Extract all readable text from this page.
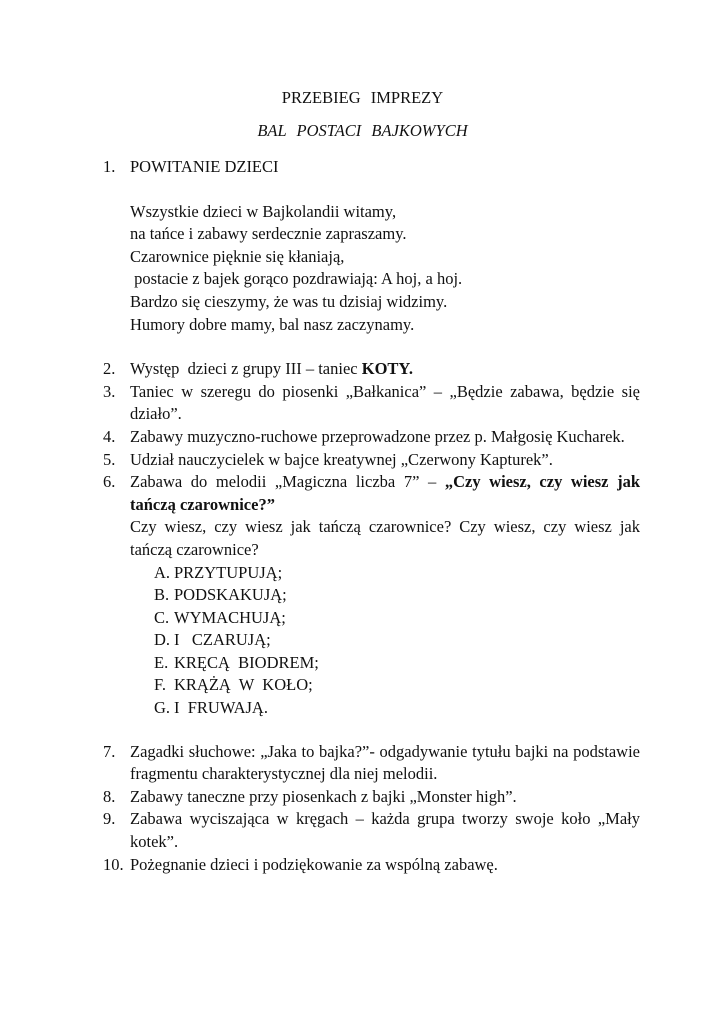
PRZEBIEG IMPREZY
BAL POSTACI BAJKOWYCH
1. POWITANIE DZIECI
Wszystkie dzieci w Bajkolandii witamy,
na tańce i zabawy serdecznie zapraszamy.
Czarownice pięknie się kłaniają,
postacie z bajek gorąco pozdrawiają: A hoj, a hoj.
Bardzo się cieszymy, że was tu dzisiaj widzimy.
Humory dobre mamy, bal nasz zaczynamy.
2. Występ  dzieci z grupy III – taniec KOTY.
3. Taniec w szeregu do piosenki „Bałkanica” – „Będzie zabawa, będzie się działo”.
4. Zabawy muzyczno-ruchowe przeprowadzone przez p. Małgosię Kucharek.
5. Udział nauczycielek w bajce kreatywnej „Czerwony Kapturek”.
6. Zabawa do melodii „Magiczna liczba 7” – „Czy wiesz, czy wiesz jak tańczą czarownice?”
Czy wiesz, czy wiesz jak tańczą czarownice? Czy wiesz, czy wiesz jak tańczą czarownice?
A. PRZYTUPUJĄ;
B. PODSKAKUJĄ;
C. WYMACHUJĄ;
D. I   CZARUJĄ;
E. KRĘCĄ  BIODREM;
F. KRĄŻĄ  W  KOŁO;
G. I  FRUWAJĄ.
7. Zagadki słuchowe: „Jaka to bajka?”- odgadywanie tytułu bajki na podstawie fragmentu charakterystycznej dla niej melodii.
8. Zabawy taneczne przy piosenkach z bajki „Monster high”.
9. Zabawa wyciszająca w kręgach – każda grupa tworzy swoje koło „Mały kotek”.
10. Pożegnanie dzieci i podziękowanie za wspólną zabawę.
